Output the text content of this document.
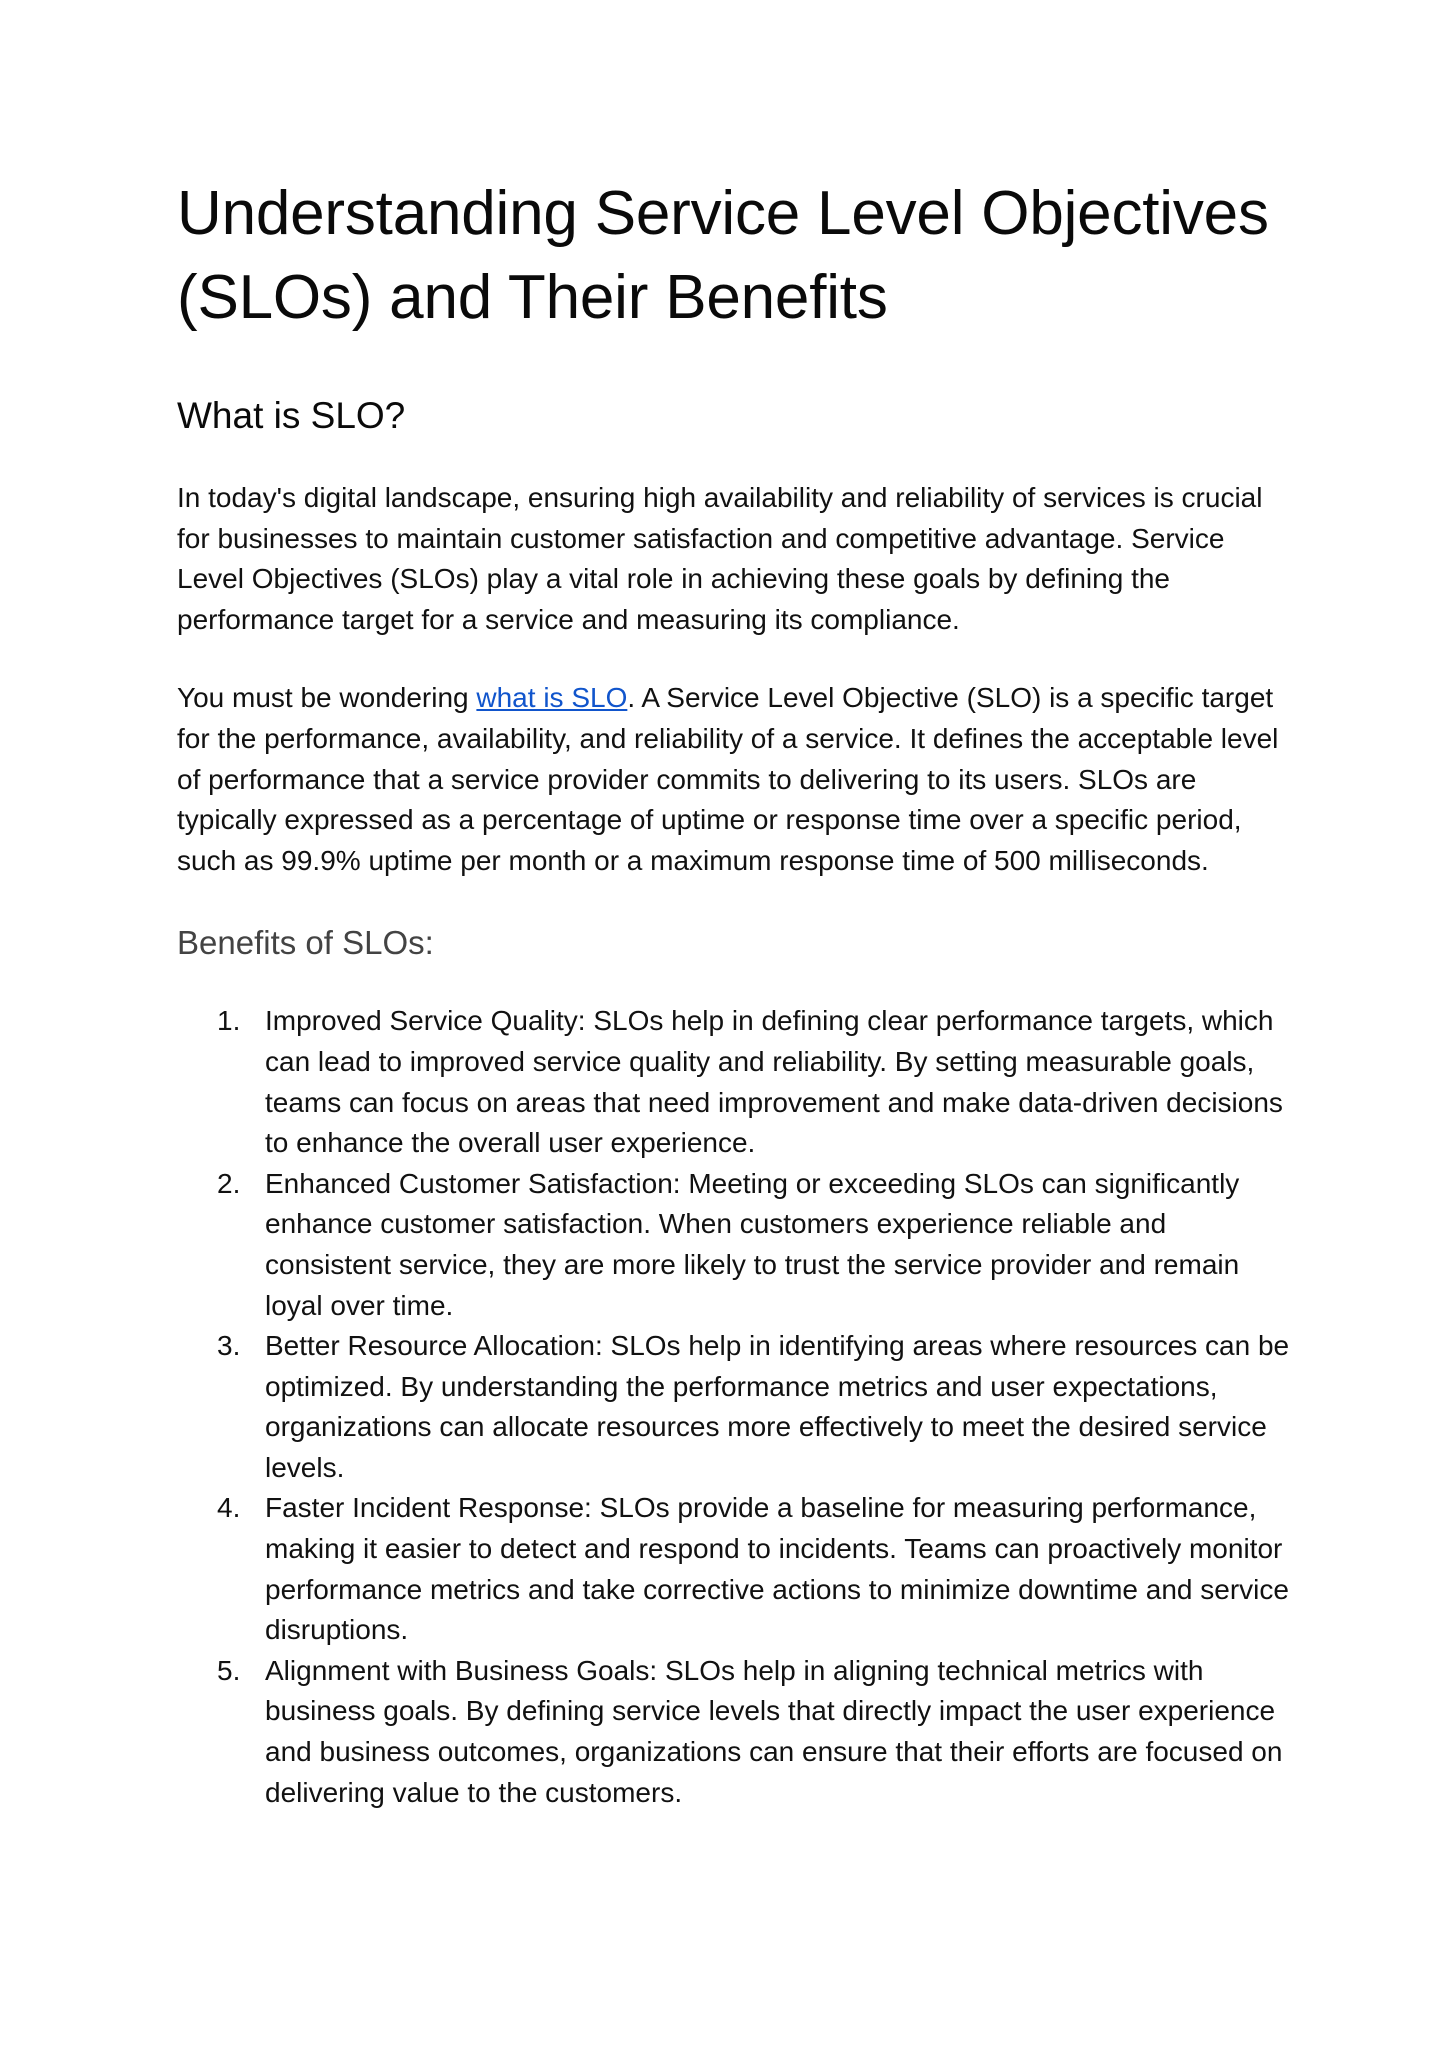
Understanding Service Level Objectives (SLOs) and Their Benefits
What is SLO?

In today's digital landscape, ensuring high availability and reliability of services is crucial for businesses to maintain customer satisfaction and competitive advantage. Service Level Objectives (SLOs) play a vital role in achieving these goals by defining the performance target for a service and measuring its compliance.

You must be wondering what is SLO. A Service Level Objective (SLO) is a specific target for the performance, availability, and reliability of a service. It defines the acceptable level of performance that a service provider commits to delivering to its users. SLOs are typically expressed as a percentage of uptime or response time over a specific period, such as 99.9% uptime per month or a maximum response time of 500 milliseconds.

Benefits of SLOs:
1. Improved Service Quality: SLOs help in defining clear performance targets, which can lead to improved service quality and reliability. By setting measurable goals, teams can focus on areas that need improvement and make data-driven decisions to enhance the overall user experience.
2. Enhanced Customer Satisfaction: Meeting or exceeding SLOs can significantly enhance customer satisfaction. When customers experience reliable and consistent service, they are more likely to trust the service provider and remain loyal over time.
3. Better Resource Allocation: SLOs help in identifying areas where resources can be optimized. By understanding the performance metrics and user expectations, organizations can allocate resources more effectively to meet the desired service levels.
4. Faster Incident Response: SLOs provide a baseline for measuring performance, making it easier to detect and respond to incidents. Teams can proactively monitor performance metrics and take corrective actions to minimize downtime and service disruptions.
5. Alignment with Business Goals: SLOs help in aligning technical metrics with business goals. By defining service levels that directly impact the user experience and business outcomes, organizations can ensure that their efforts are focused on delivering value to the customers.
